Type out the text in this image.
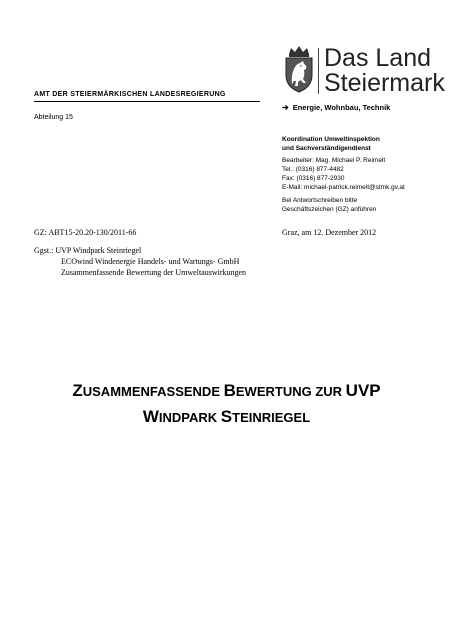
Das Land
Steiermark
AMT DER STEIERMÄRKISCHEN LANDESREGIERUNG
Abteilung 15
➔ Energie, Wohnbau, Technik
Koordination Umweltinspektion
und Sachverständigendienst
Bearbeiter: Mag. Michael P. Reimelt
Tel.: (0316) 877-4482
Fax: (0316) 877-2930
E-Mail: michael-patrick.reimelt@stmk.gv.at
Bei Antwortschreiben bitte
Geschäftszeichen (GZ) anführen
GZ: ABT15-20.20-130/2011-66	Graz, am 12. Dezember 2012
Ggst.: UVP Windpark Steinriegel
ECOwind Windenergie Handels- und Wartungs- GmbH
Zusammenfassende Bewertung der Umweltauswirkungen
ZUSAMMENFASSENDE BEWERTUNG ZUR UVP
WINDPARK STEINRIEGEL
